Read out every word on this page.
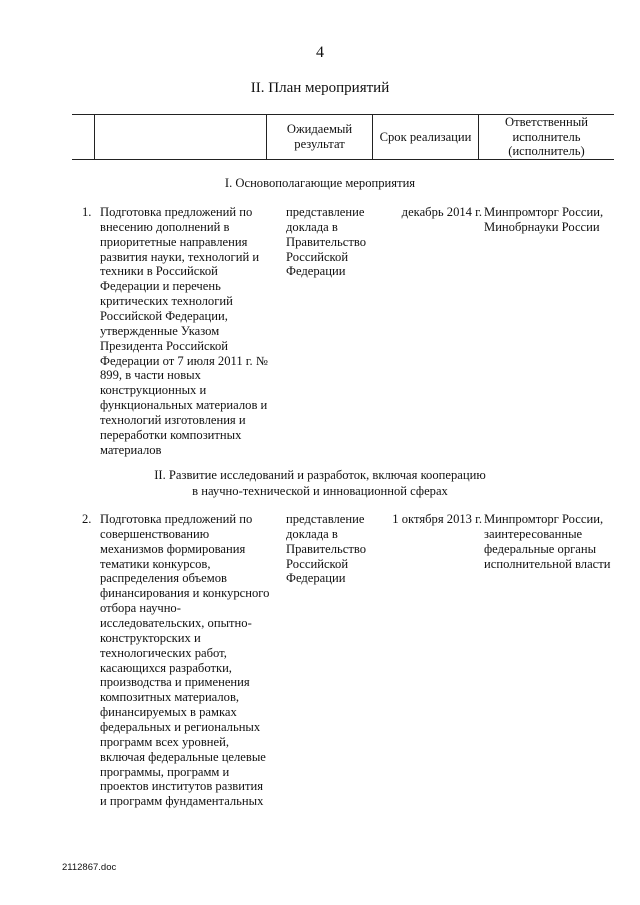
4
II. План мероприятий
Ожидаемый результат
Срок реализации
Ответственный исполнитель (исполнитель)
I. Основополагающие мероприятия
1. Подготовка предложений по внесению дополнений в приоритетные направления развития науки, технологий и техники в Российской Федерации и перечень критических технологий Российской Федерации, утвержденные Указом Президента Российской Федерации от 7 июля 2011 г. № 899, в части новых конструкционных и функциональных материалов и технологий изготовления и переработки композитных материалов
представление доклада в Правительство Российской Федерации
декабрь 2014 г. Минпромторг России, Минобрнауки России
II. Развитие исследований и разработок, включая кооперацию
в научно-технической и инновационной сферах
2. Подготовка предложений по совершенствованию механизмов формирования тематики конкурсов, распределения объемов финансирования и конкурсного отбора научно-исследовательских, опытно-конструкторских и технологических работ, касающихся разработки, производства и применения композитных материалов, финансируемых в рамках федеральных и региональных программ всех уровней, включая федеральные целевые программы, программ и проектов институтов развития и программ фундаментальных
представление доклада в Правительство Российской Федерации
1 октября 2013 г. Минпромторг России, заинтересованные федеральные органы исполнительной власти
2112867.doc
